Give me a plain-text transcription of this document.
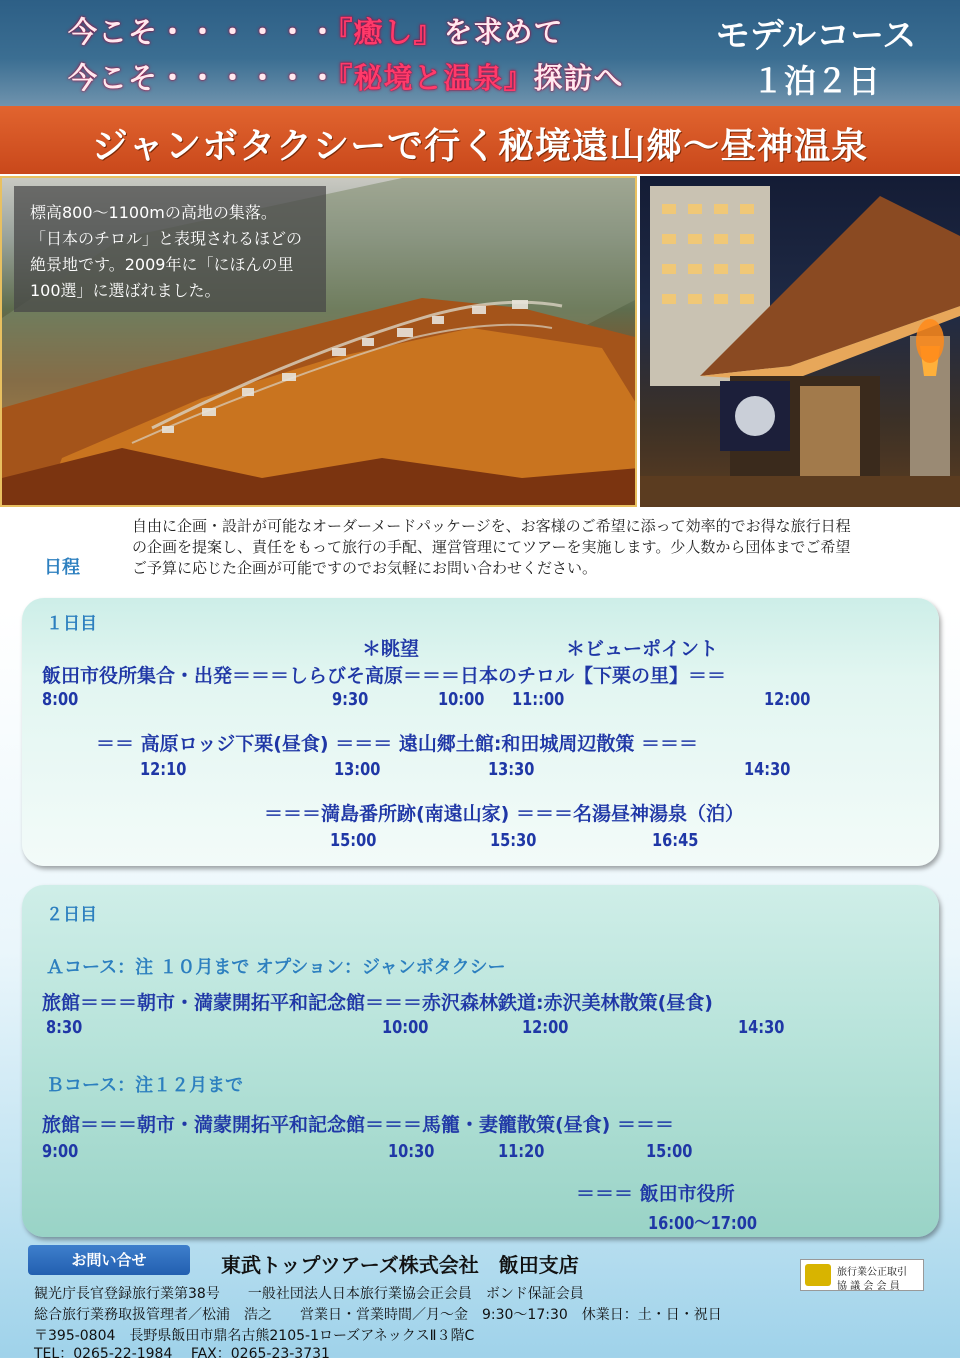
今こそ・・・・・・『癒し』を求めて
今こそ・・・・・・『秘境と温泉』探訪へ
モデルコース
１泊２日
ジャンボタクシーで行く秘境遠山郷～昼神温泉
標高800～1100mの高地の集落。
「日本のチロル」と表現されるほどの
絶景地です。2009年に「にほんの里
100選」に選ばれました。
自由に企画・設計が可能なオーダーメードパッケージを、お客様のご希望に添って効率的でお得な旅行日程
の企画を提案し、責任をもって旅行の手配、運営管理にてツアーを実施します。少人数から団体までご希望
ご予算に応じた企画が可能ですのでお気軽にお問い合わせください。
日程
１日目
＊眺望	＊ビューポイント
飯田市役所集合・出発＝＝＝しらびそ高原＝＝＝日本のチロル【下栗の里】＝＝
8:00	9:30	10:00 11::00	12:00
＝＝ 高原ロッジ下栗(昼食) ＝＝＝ 遠山郷土館:和田城周辺散策 ＝＝＝
12:10	13:00	13:30	14:30
＝＝＝満島番所跡(南遠山家) ＝＝＝名湯昼神湯泉（泊）
15:00	15:30	16:45
２日目
Ａコース：注 １０月まで オプション：ジャンボタクシー
旅館＝＝＝朝市・満蒙開拓平和記念館＝＝＝赤沢森林鉄道:赤沢美林散策(昼食)
8:30	10:00	12:00	14:30
Ｂコース：注１２月まで
旅館＝＝＝朝市・満蒙開拓平和記念館＝＝＝馬籠・妻籠散策(昼食) ＝＝＝
9:00	10:30	11:20	15:00
＝＝＝ 飯田市役所
16:00～17:00
お問い合せ	東武トップツアーズ株式会社　飯田支店	旅行業公正取引
協 議 会 会 員
観光庁長官登録旅行業第38号　　一般社団法人日本旅行業協会正会員　ボンド保証会員
総合旅行業務取扱管理者／松浦　浩之　　営業日・営業時間／月～金　9:30～17:30　休業日：土・日・祝日
〒395-0804　長野県飯田市鼎名古熊2105-1ローズアネックスⅡ３階C
TEL：0265-22-1984　 FAX：0265-23-3731
